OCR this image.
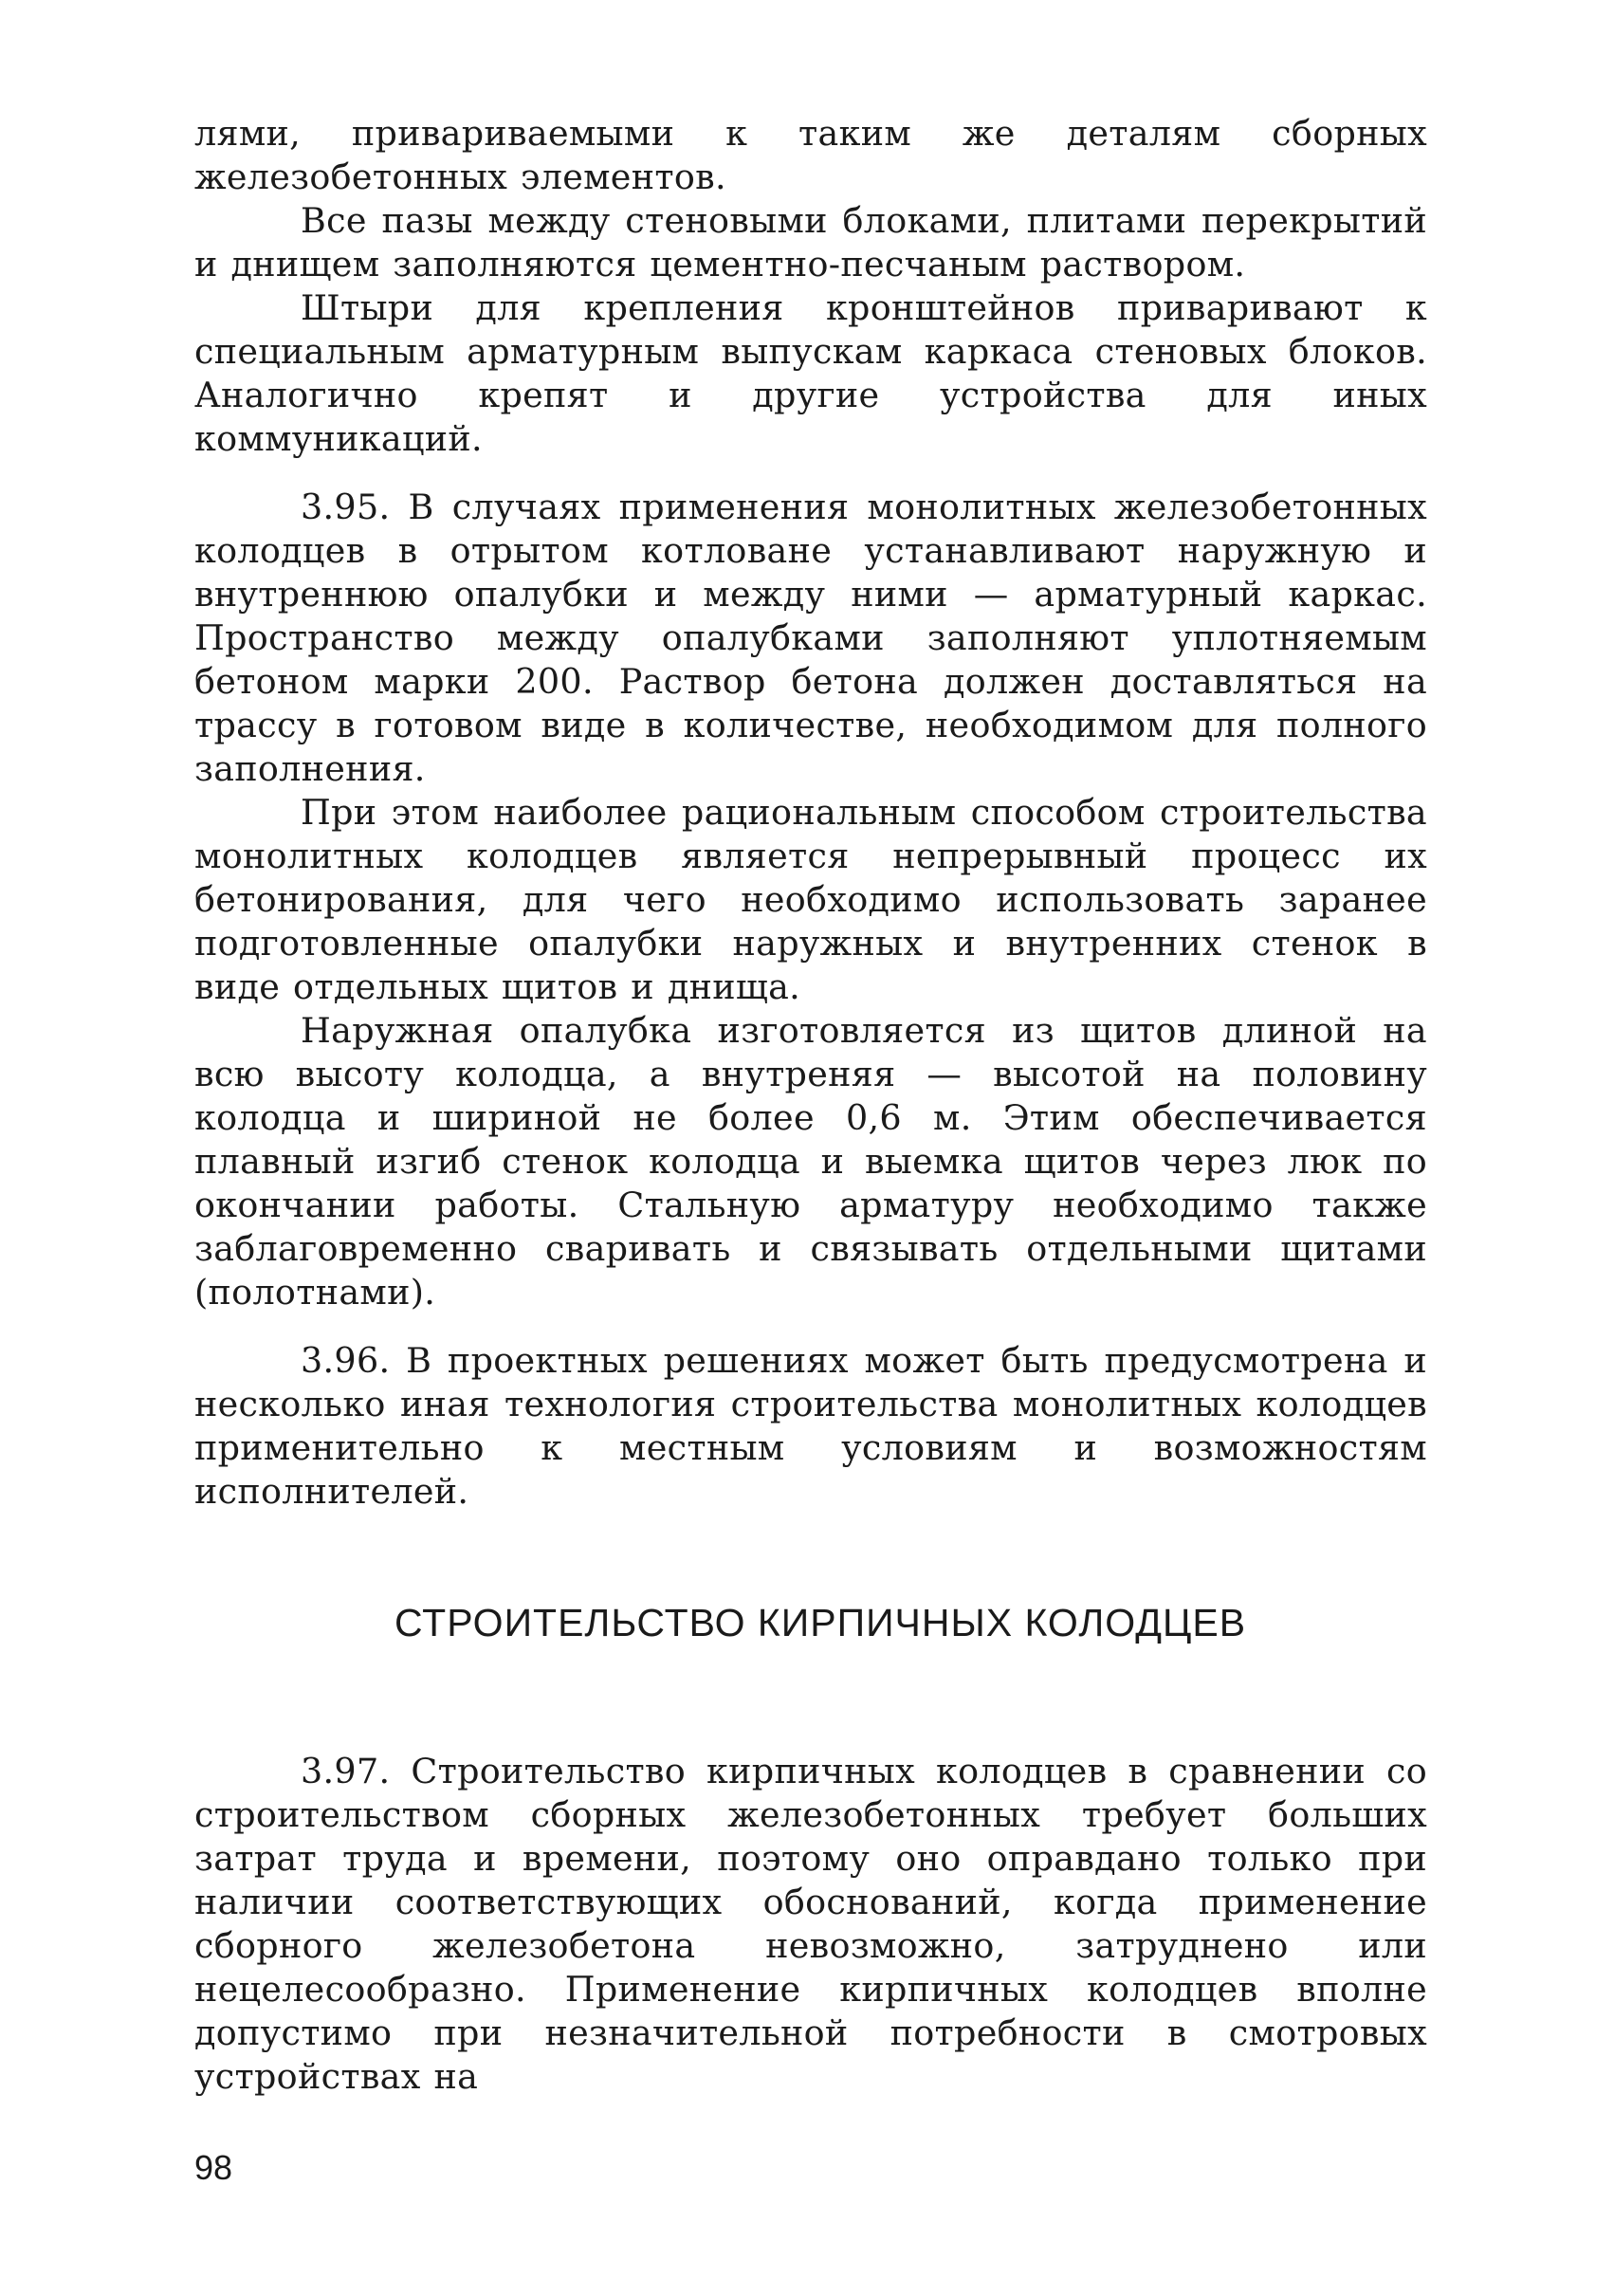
лями, привариваемыми к таким же деталям сборных железобетонных элементов.

Все пазы между стеновыми блоками, плитами перекрытий и днищем заполняются цементно-песчаным раствором.

Штыри для крепления кронштейнов приваривают к специальным арматурным выпускам каркаса стеновых блоков. Аналогично крепят и другие устройства для иных коммуникаций.

3.95. В случаях применения монолитных железобетонных колодцев в отрытом котловане устанавливают наружную и внутреннюю опалубки и между ними — арматурный каркас. Пространство между опалубками заполняют уплотняемым бетоном марки 200. Раствор бетона должен доставляться на трассу в готовом виде в количестве, необходимом для полного заполнения.

При этом наиболее рациональным способом строительства монолитных колодцев является непрерывный процесс их бетонирования, для чего необходимо использовать заранее подготовленные опалубки наружных и внутренних стенок в виде отдельных щитов и днища.

Наружная опалубка изготовляется из щитов длиной на всю высоту колодца, а внутреняя — высотой на половину колодца и шириной не более 0,6 м. Этим обеспечивается плавный изгиб стенок колодца и выемка щитов через люк по окончании работы. Стальную арматуру необходимо также заблаговременно сваривать и связывать отдельными щитами (полотнами).

3.96. В проектных решениях может быть предусмотрена и несколько иная технология строительства монолитных колодцев применительно к местным условиям и возможностям исполнителей.

СТРОИТЕЛЬСТВО КИРПИЧНЫХ КОЛОДЦЕВ

3.97. Строительство кирпичных колодцев в сравнении со строительством сборных железобетонных требует больших затрат труда и времени, поэтому оно оправдано только при наличии соответствующих обоснований, когда применение сборного железобетона невозможно, затруднено или нецелесообразно. Применение кирпичных колодцев вполне допустимо при незначительной потребности в смотровых устройствах на

98
